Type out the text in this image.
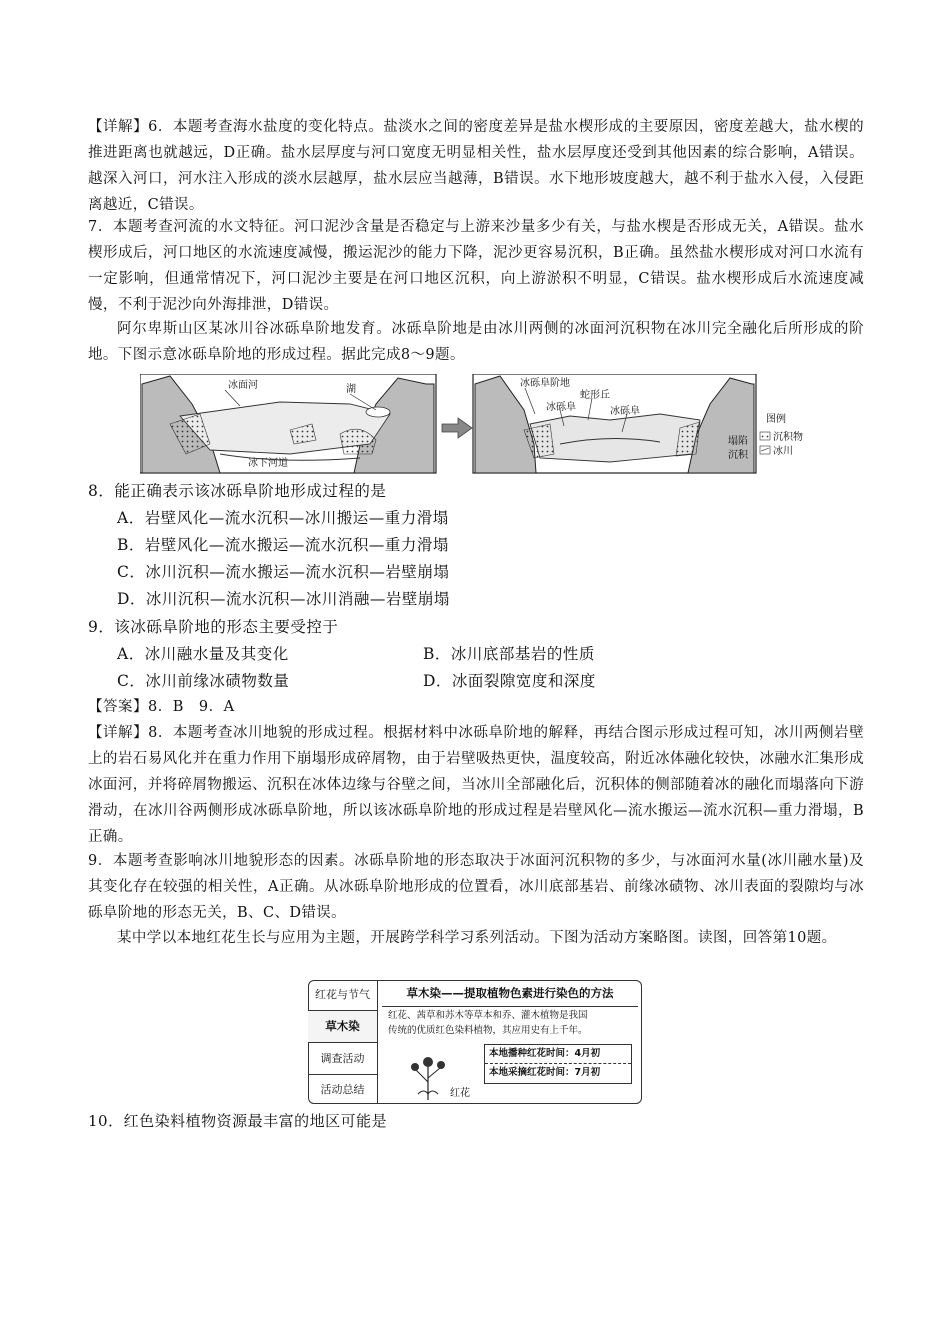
【详解】6．本题考查海水盐度的变化特点。盐淡水之间的密度差异是盐水楔形成的主要原因，密度差越大，盐水楔的推进距离也就越远，D正确。盐水层厚度与河口宽度无明显相关性，盐水层厚度还受到其他因素的综合影响，A错误。越深入河口，河水注入形成的淡水层越厚，盐水层应当越薄，B错误。水下地形坡度越大，越不利于盐水入侵，入侵距离越近，C错误。

7．本题考查河流的水文特征。河口泥沙含量是否稳定与上游来沙量多少有关，与盐水楔是否形成无关，A错误。盐水楔形成后，河口地区的水流速度减慢，搬运泥沙的能力下降，泥沙更容易沉积，B正确。虽然盐水楔形成对河口水流有一定影响，但通常情况下，河口泥沙主要是在河口地区沉积，向上游淤积不明显，C错误。盐水楔形成后水流速度减慢，不利于泥沙向外海排泄，D错误。

阿尔卑斯山区某冰川谷冰砾阜阶地发育。冰砾阜阶地是由冰川两侧的冰面河沉积物在冰川完全融化后所形成的阶地。下图示意冰砾阜阶地的形成过程。据此完成8～9题。

冰面河	湖
冰下河道
冰砾阜阶地
蛇形丘
冰砾阜	冰砾阜
塌陷
沉积
图例
沉积物
冰川
8．能正确表示该冰砾阜阶地形成过程的是
A．岩壁风化—流水沉积—冰川搬运—重力滑塌
B．岩壁风化—流水搬运—流水沉积—重力滑塌
C．冰川沉积—流水搬运—流水沉积—岩壁崩塌
D．冰川沉积—流水沉积—冰川消融—岩壁崩塌
9．该冰砾阜阶地的形态主要受控于
A．冰川融水量及其变化	B．冰川底部基岩的性质
C．冰川前缘冰碛物数量	D．冰面裂隙宽度和深度
【答案】8．B　9．A

【详解】8．本题考查冰川地貌的形成过程。根据材料中冰砾阜阶地的解释，再结合图示形成过程可知，冰川两侧岩壁上的岩石易风化并在重力作用下崩塌形成碎屑物，由于岩壁吸热更快，温度较高，附近冰体融化较快，冰融水汇集形成冰面河，并将碎屑物搬运、沉积在冰体边缘与谷壁之间，当冰川全部融化后，沉积体的侧部随着冰的融化而塌落向下游滑动，在冰川谷两侧形成冰砾阜阶地，所以该冰砾阜阶地的形成过程是岩壁风化—流水搬运—流水沉积—重力滑塌，B正确。

9．本题考查影响冰川地貌形态的因素。冰砾阜阶地的形态取决于冰面河沉积物的多少，与冰面河水量(冰川融水量)及其变化存在较强的相关性，A正确。从冰砾阜阶地形成的位置看，冰川底部基岩、前缘冰碛物、冰川表面的裂隙均与冰砾阜阶地的形态无关，B、C、D错误。

某中学以本地红花生长与应用为主题，开展跨学科学习系列活动。下图为活动方案略图。读图，回答第10题。

红花与节气
草木染
调查活动
活动总结
草木染——提取植物色素进行染色的方法
红花、茜草和苏木等草本和乔、灌木植物是我国
传统的优质红色染料植物，其应用史有上千年。
红花
本地播种红花时间：4月初
本地采摘红花时间：7月初
10．红色染料植物资源最丰富的地区可能是
